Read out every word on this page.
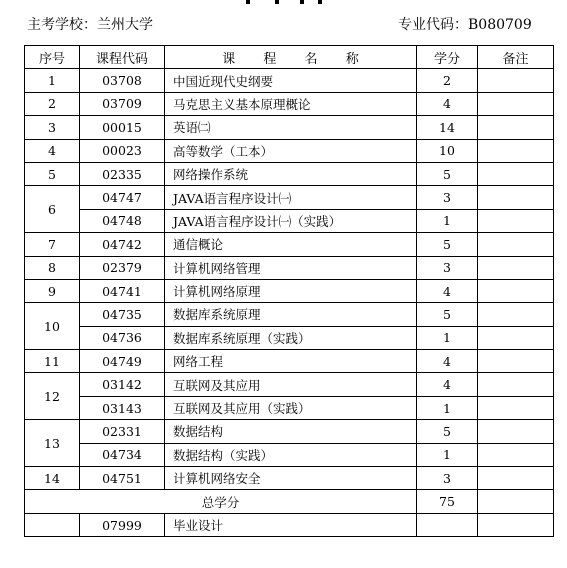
主考学校：兰州大学	专业代码：B080709
序号	课程代码	课 程 名 称	学分	备注
1	03708	中国近现代史纲要	2	
2	03709	马克思主义基本原理概论	4	
3	00015	英语㈡	14	
4	00023	高等数学（工本）	10	
5	02335	网络操作系统	5	
6	04747	JAVA语言程序设计㈠	3	
	04748	JAVA语言程序设计㈠（实践）	1	
7	04742	通信概论	5	
8	02379	计算机网络管理	3	
9	04741	计算机网络原理	4	
10	04735	数据库系统原理	5	
	04736	数据库系统原理（实践）	1	
11	04749	网络工程	4	
12	03142	互联网及其应用	4	
	03143	互联网及其应用（实践）	1	
13	02331	数据结构	5	
	04734	数据结构（实践）	1	
14	04751	计算机网络安全	3	
总学分			75	
	07999	毕业设计		
